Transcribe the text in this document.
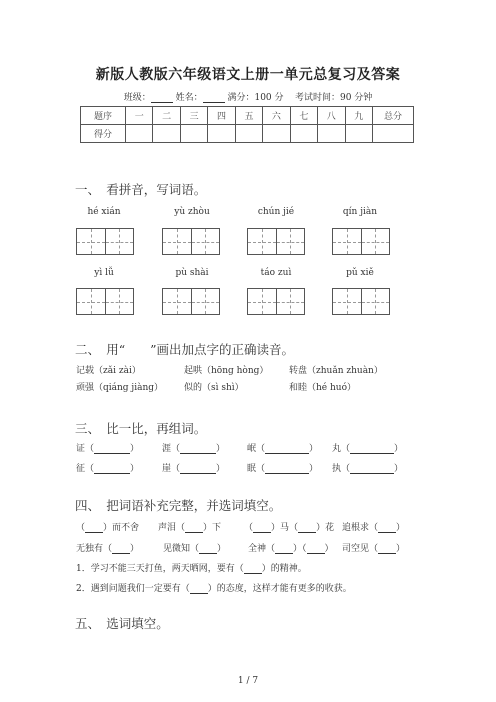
新版人教版六年级语文上册一单元总复习及答案
班级：	姓名：	满分：100 分 考试时间：90 分钟
题序	一	二	三	四	五	六	七	八	九	总分
得分										
一、　看拼音，写词语。
hé xián	yù zhòu	chún jié	qín jiàn
yì lǚ	pù shài	táo zuì	pǔ xiě
二、　用“　　”画出加点字的正确读音。
记载（zǎi zài）	起哄（hōng hòng） 转盘（zhuǎn zhuàn）
顽强（qiáng jiàng） 似的（sì shì）	和睦（hé huó）
三、　比一比，再组词。
证（	）	涯（	） 岷（	） 丸（	）
征（	）	崖（	） 眠（	） 执（	）
四、　把词语补充完整，并选词填空。
（ ）而不舍 声泪（ ）下	（ ）马（ ）花 追根求（ ）
无独有（ ）	见微知（ ） 全神（ ）（ ） 司空见（ ）
1．学习不能三天打鱼，两天晒网，要有（ ）的精神。
2．遇到问题我们一定要有（ ）的态度，这样才能有更多的收获。
五、　选词填空。
1 / 7
